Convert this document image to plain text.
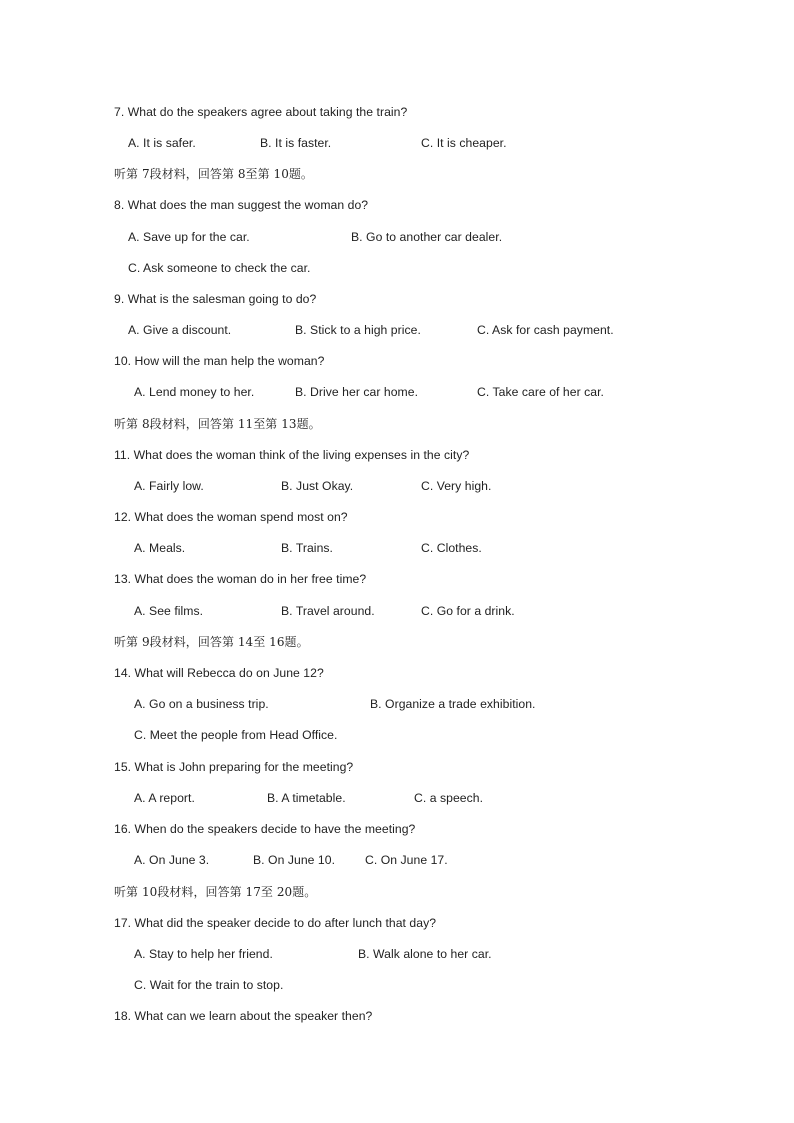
7. What do the speakers agree about taking the train?
A. It is safer.	B. It is faster.	C. It is cheaper.
听第 7段材料，回答第 8至第 10题。
8. What does the man suggest the woman do?
A. Save up for the car.	B. Go to another car dealer.
C. Ask someone to check the car.
9. What is the salesman going to do?
A. Give a discount.	B. Stick to a high price.	C. Ask for cash payment.
10. How will the man help the woman?
A. Lend money to her.	B. Drive her car home.	C. Take care of her car.
听第 8段材料，回答第 11至第 13题。
11. What does the woman think of the living expenses in the city?
A. Fairly low.	B. Just Okay.	C. Very high.
12. What does the woman spend most on?
A. Meals.	B. Trains.	C. Clothes.
13. What does the woman do in her free time?
A. See films.	B. Travel around.	C. Go for a drink.
听第 9段材料，回答第 14至 16题。
14. What will Rebecca do on June 12?
A. Go on a business trip.	B. Organize a trade exhibition.
C. Meet the people from Head Office.
15. What is John preparing for the meeting?
A. A report.	B. A timetable.	C. a speech.
16. When do the speakers decide to have the meeting?
A. On June 3.	B. On June 10. C. On June 17.
听第 10段材料，回答第 17至 20题。
17. What did the speaker decide to do after lunch that day?
A. Stay to help her friend.	B. Walk alone to her car.
C. Wait for the train to stop.
18. What can we learn about the speaker then?
